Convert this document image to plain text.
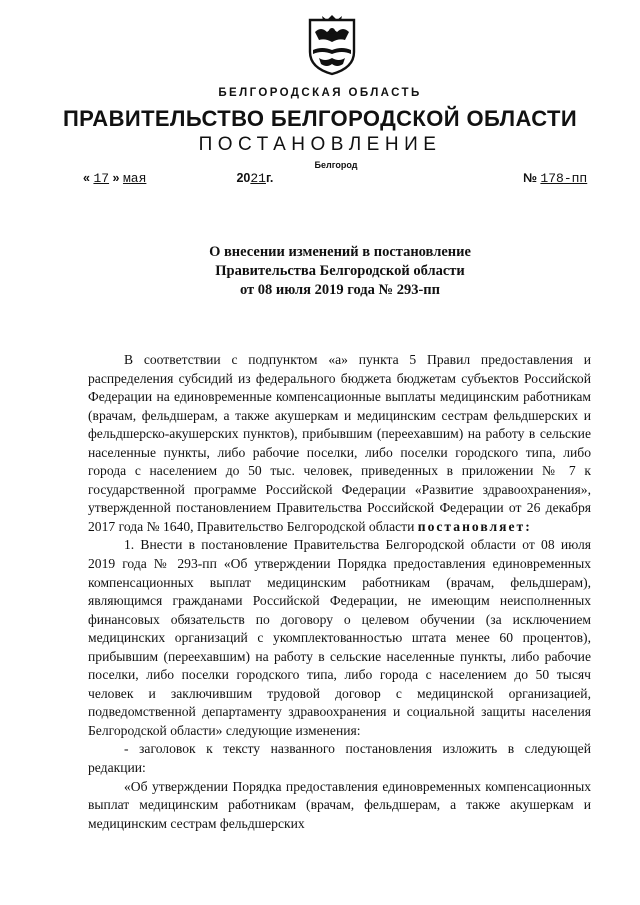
БЕЛГОРОДСКАЯ ОБЛАСТЬ
ПРАВИТЕЛЬСТВО БЕЛГОРОДСКОЙ ОБЛАСТИ
ПОСТАНОВЛЕНИЕ
Белгород
« 17 » мая	2021г.	№ 178-пп
О внесении изменений в постановление
Правительства Белгородской области
от 08 июля 2019 года № 293-пп

В соответствии с подпунктом «а» пункта 5 Правил предоставления и распределения субсидий из федерального бюджета бюджетам субъектов Российской Федерации на единовременные компенсационные выплаты медицинским работникам (врачам, фельдшерам, а также акушеркам и медицинским сестрам фельдшерских и фельдшерско-акушерских пунктов), прибывшим (переехавшим) на работу в сельские населенные пункты, либо рабочие поселки, либо поселки городского типа, либо города с населением до 50 тыс. человек, приведенных в приложении № 7 к государственной программе Российской Федерации «Развитие здравоохранения», утвержденной постановлением Правительства Российской Федерации от 26 декабря 2017 года № 1640, Правительство Белгородской области постановляет:

1. Внести в постановление Правительства Белгородской области от 08 июля 2019 года № 293-пп «Об утверждении Порядка предоставления единовременных компенсационных выплат медицинским работникам (врачам, фельдшерам), являющимся гражданами Российской Федерации, не имеющим неисполненных финансовых обязательств по договору о целевом обучении (за исключением медицинских организаций с укомплектованностью штата менее 60 процентов), прибывшим (переехавшим) на работу в сельские населенные пункты, либо рабочие поселки, либо поселки городского типа, либо города с населением до 50 тысяч человек и заключившим трудовой договор с медицинской организацией, подведомственной департаменту здравоохранения и социальной защиты населения Белгородской области» следующие изменения:

- заголовок к тексту названного постановления изложить в следующей редакции:

«Об утверждении Порядка предоставления единовременных компенсационных выплат медицинским работникам (врачам, фельдшерам, а также акушеркам и медицинским сестрам фельдшерских
